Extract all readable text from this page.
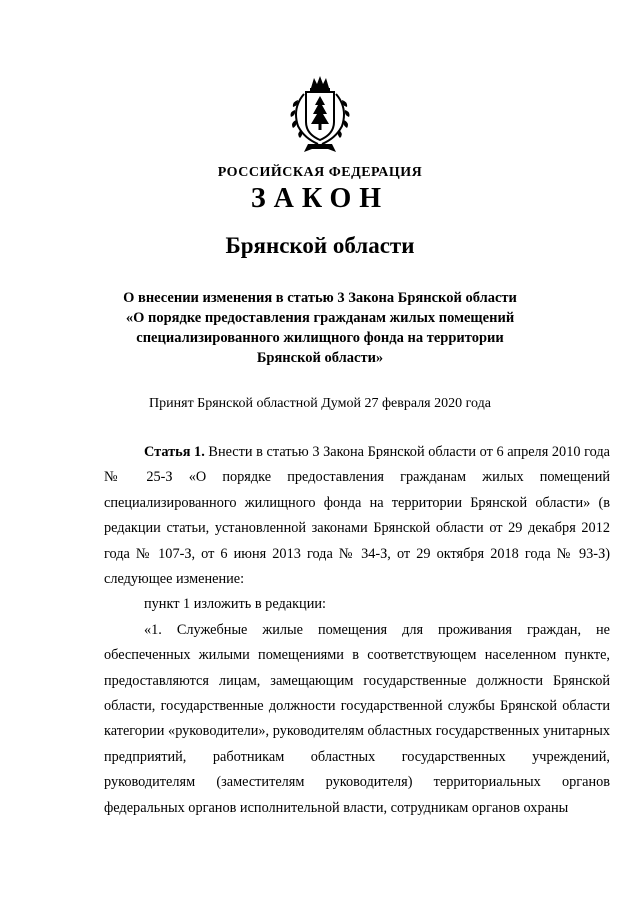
РОССИЙСКАЯ ФЕДЕРАЦИЯ
ЗАКОН
Брянской области
О внесении изменения в статью 3 Закона Брянской области
«О порядке предоставления гражданам жилых помещений
специализированного жилищного фонда на территории
Брянской области»
Принят Брянской областной Думой 27 февраля 2020 года

Статья 1. Внести в статью 3 Закона Брянской области от 6 апреля 2010 года № 25-З «О порядке предоставления гражданам жилых помещений специализированного жилищного фонда на территории Брянской области» (в редакции статьи, установленной законами Брянской области от 29 декабря 2012 года № 107-З, от 6 июня 2013 года № 34-З, от 29 октября 2018 года № 93-З) следующее изменение:

пункт 1 изложить в редакции:

«1. Служебные жилые помещения для проживания граждан, не обеспеченных жилыми помещениями в соответствующем населенном пункте, предоставляются лицам, замещающим государственные должности Брянской области, государственные должности государственной службы Брянской области категории «руководители», руководителям областных государственных унитарных предприятий, работникам областных государственных учреждений, руководителям (заместителям руководителя) территориальных органов федеральных органов исполнительной власти, сотрудникам органов охраны
